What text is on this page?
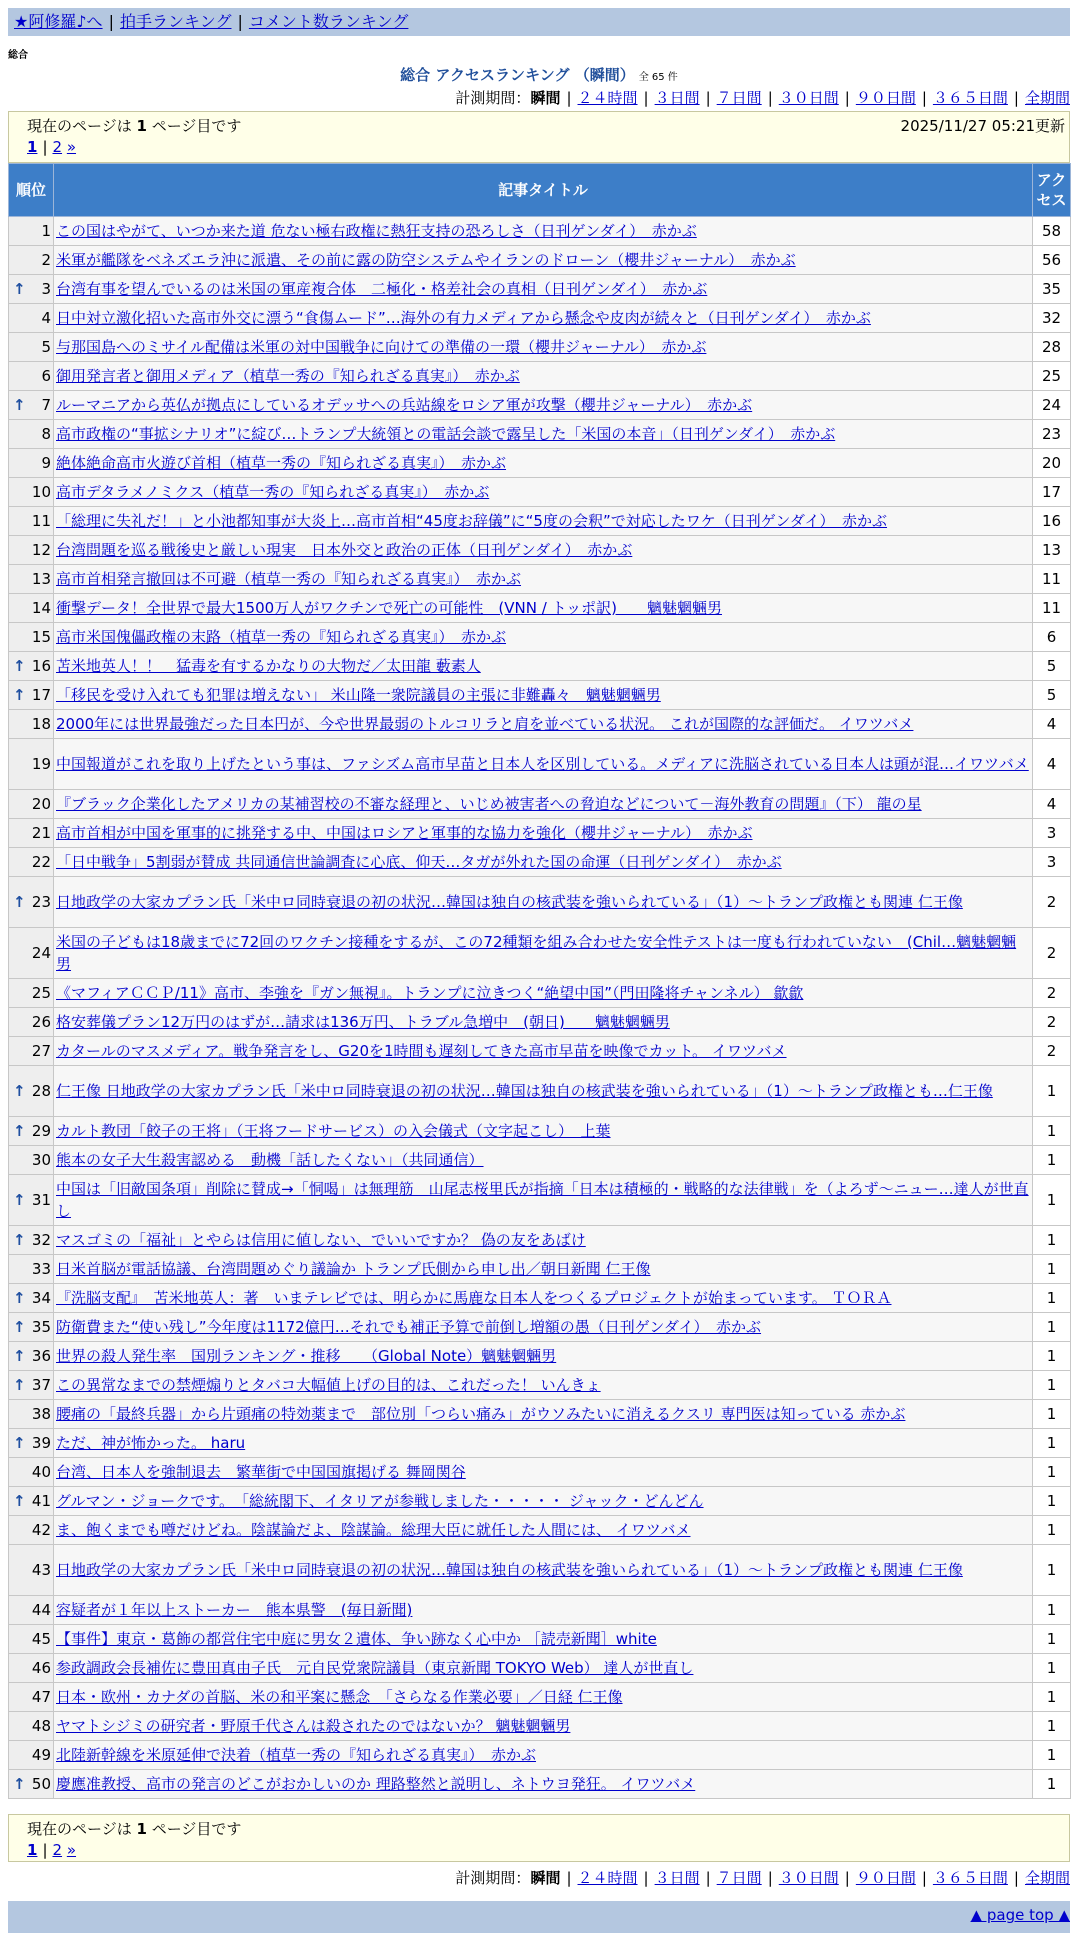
★阿修羅♪へ | 拍手ランキング | コメント数ランキング
総合
総合 アクセスランキング （瞬間） 全 65 件
計測期間：瞬間 | ２４時間 | ３日間 | ７日間 | ３０日間 | ９０日間 | ３６５日間 | 全期間
現在のページは 1 ページ目です	2025/11/27 05:21更新
1 | 2 »
順位	記事タイトル	アクセス
1	この国はやがて、いつか来た道 危ない極右政権に熱狂支持の恐ろしさ（日刊ゲンダイ）　赤かぶ	58
2	米軍が艦隊をベネズエラ沖に派遣、その前に露の防空システムやイランのドローン（櫻井ジャーナル）　赤かぶ	56

↑ 3	台湾有事を望んでいるのは米国の軍産複合体　二極化・格差社会の真相（日刊ゲンダイ）　赤かぶ	35
4	日中対立激化招いた高市外交に漂う“食傷ムード”…海外の有力メディアから懸念や皮肉が続々と（日刊ゲンダイ）　赤かぶ	32
5	与那国島へのミサイル配備は米軍の対中国戦争に向けての準備の一環（櫻井ジャーナル）　赤かぶ	28
6	御用発言者と御用メディア（植草一秀の『知られざる真実』）　赤かぶ	25

↑ 7	ルーマニアから英仏が拠点にしているオデッサへの兵站線をロシア軍が攻撃（櫻井ジャーナル）　赤かぶ	24
8	高市政権の“事拡シナリオ”に綻び…トランプ大統領との電話会談で露呈した「米国の本音」（日刊ゲンダイ）　赤かぶ	23
9	絶体絶命高市火遊び首相（植草一秀の『知られざる真実』）　赤かぶ	20
10	高市デタラメノミクス（植草一秀の『知られざる真実』）　赤かぶ	17
11	「総理に失礼だ！」と小池都知事が大炎上…高市首相“45度お辞儀”に“5度の会釈”で対応したワケ（日刊ゲンダイ）　赤かぶ	16
12	台湾問題を巡る戦後史と厳しい現実　日本外交と政治の正体（日刊ゲンダイ）　赤かぶ	13
13	高市首相発言撤回は不可避（植草一秀の『知られざる真実』）　赤かぶ	11
14	衝撃データ！全世界で最大1500万人がワクチンで死亡の可能性　(VNN / トッポ訳)　　魑魅魍魎男	11
15	高市米国傀儡政権の末路（植草一秀の『知られざる真実』）　赤かぶ	6

↑ 16	苫米地英人！！　猛毒を有するかなりの大物だ／太田龍 藪素人	5

↑ 17	「移民を受け入れても犯罪は増えない」 米山隆一衆院議員の主張に非難轟々　魑魅魍魎男	5
18	2000年には世界最強だった日本円が、今や世界最弱のトルコリラと肩を並べている状況。 これが国際的な評価だ。 イワツバメ	4
19	中国報道がこれを取り上げたという事は、ファシズム高市早苗と日本人を区別している。メディアに洗脳されている日本人は頭が混…イワツバメ	4
20	『ブラック企業化したアメリカの某補習校の不審な経理と、いじめ被害者への脅迫などについて－海外教育の問題』（下） 龍の星	4
21	高市首相が中国を軍事的に挑発する中、中国はロシアと軍事的な協力を強化（櫻井ジャーナル）　赤かぶ	3
22	「日中戦争」5割弱が賛成 共同通信世論調査に心底、仰天…タガが外れた国の命運（日刊ゲンダイ）　赤かぶ	3

↑ 23	日地政学の大家カプラン氏「米中ロ同時衰退の初の状況…韓国は独自の核武装を強いられている」（1）～トランプ政権とも関連 仁王像	2
24	米国の子どもは18歳までに72回のワクチン接種をするが、この72種類を組み合わせた安全性テストは一度も行われていない　(Chil…魑魅魍魎男	2
25	《マフィアＣＣＰ/11》高市、李強を『ガン無視』。トランプに泣きつく“絶望中国”（門田隆将チャンネル） 歙歙	2
26	格安葬儀プラン12万円のはずが…請求は136万円、トラブル急増中　(朝日)　　魑魅魍魎男	2
27	カタールのマスメディア。戦争発言をし、G20を1時間も遅刻してきた高市早苗を映像でカット。 イワツバメ	2

↑ 28	仁王像 日地政学の大家カプラン氏「米中ロ同時衰退の初の状況…韓国は独自の核武装を強いられている」（1）～トランプ政権とも…仁王像	1

↑ 29	カルト教団「餃子の王将」（王将フードサービス）の入会儀式（文字起こし）　上葉	1
30	熊本の女子大生殺害認める　動機「話したくない」（共同通信）	1

↑ 31	中国は「旧敵国条項」削除に賛成→「恫喝」は無理筋　山尾志桜里氏が指摘「日本は積極的・戦略的な法律戦」を（よろず～ニュー…達人が世直し	1

↑ 32	マスゴミの「福祉」とやらは信用に値しない、でいいですか？ 偽の友をあばけ	1
33	日米首脳が電話協議、台湾問題めぐり議論か トランプ氏側から申し出／朝日新聞 仁王像	1

↑ 34	『洗脳支配』　苫米地英人：著　いまテレビでは、明らかに馬鹿な日本人をつくるプロジェクトが始まっています。 ＴＯＲＡ	1

↑ 35	防衛費また“使い残し”今年度は1172億円…それでも補正予算で前倒し増額の愚（日刊ゲンダイ）　赤かぶ	1

↑ 36	世界の殺人発生率　国別ランキング・推移　　（Global Note）魑魅魍魎男	1

↑ 37	この異常なまでの禁煙煽りとタバコ大幅値上げの目的は、これだった！ いんきょ	1
38	腰痛の「最終兵器」から片頭痛の特効薬まで　部位別「つらい痛み」がウソみたいに消えるクスリ 専門医は知っている 赤かぶ	1

↑ 39	ただ、神が怖かった。 haru	1
40	台湾、日本人を強制退去　繁華街で中国国旗掲げる 舞岡関谷	1

↑ 41	グルマン・ジョークです。　「総統閣下、イタリアが参戦しました・・・・・ ジャック・どんどん	1
42	ま、飽くまでも噂だけどね。陰謀論だよ、陰謀論。総理大臣に就任した人間には、 イワツバメ	1
43	日地政学の大家カプラン氏「米中ロ同時衰退の初の状況…韓国は独自の核武装を強いられている」（1）～トランプ政権とも関連 仁王像	1
44	容疑者が１年以上ストーカー　熊本県警　(毎日新聞)	1
45	【事件】東京・葛飾の都営住宅中庭に男女２遺体、争い跡なく心中か ［読売新聞］white	1
46	参政調政会長補佐に豊田真由子氏　元自民党衆院議員（東京新聞 TOKYO Web） 達人が世直し	1
47	日本・欧州・カナダの首脳、米の和平案に懸念　「さらなる作業必要」／日経 仁王像	1
48	ヤマトシジミの研究者・野原千代さんは殺されたのではないか？ 魑魅魍魎男	1
49	北陸新幹線を米原延伸で決着（植草一秀の『知られざる真実』）　赤かぶ	1

↑ 50	慶應准教授、高市の発言のどこがおかしいのか 理路整然と説明し、ネトウヨ発狂。 イワツバメ	1
現在のページは 1 ページ目です
1 | 2 »
計測期間：瞬間 | ２４時間 | ３日間 | ７日間 | ３０日間 | ９０日間 | ３６５日間 | 全期間
▲ page top ▲
